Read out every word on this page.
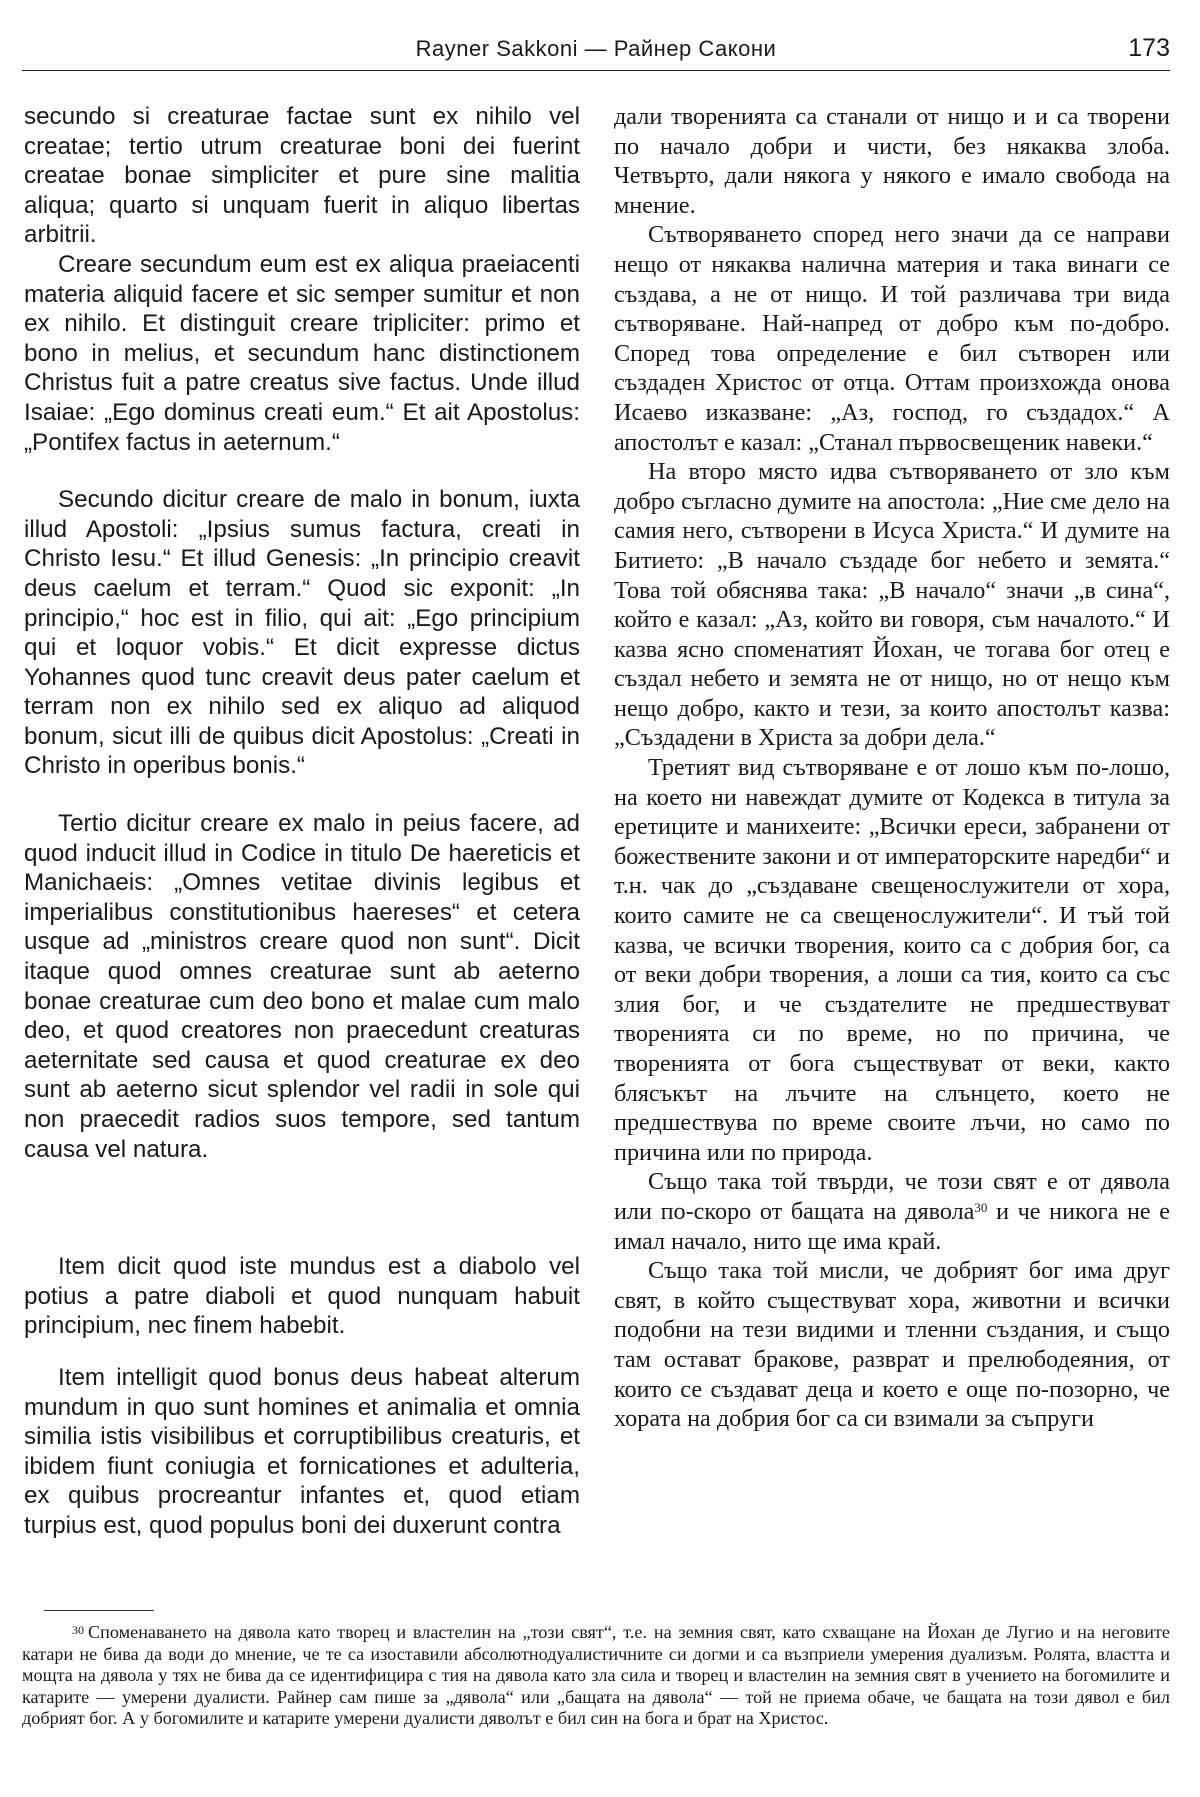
Rayner Sakkoni — Райнер Сакони	173

secundo si creaturae factae sunt ex nihilo vel creatae; tertio utrum creaturae boni dei fuerint creatae bonae simpliciter et pure sine malitia aliqua; quarto si unquam fuerit in aliquo libertas arbitrii.

Creare secundum eum est ex aliqua praeiacenti materia aliquid facere et sic semper sumitur et non ex nihilo. Et distinguit creare tripliciter: primo et bono in melius, et secundum hanc distinctionem Christus fuit a patre creatus sive factus. Unde illud Isaiae: „Ego dominus creati eum.“ Et ait Apostolus: „Pontifex factus in aeternum.“

Secundo dicitur creare de malo in bonum, iuxta illud Apostoli: „Ipsius sumus factura, creati in Christo Iesu.“ Et illud Genesis: „In principio creavit deus caelum et terram.“ Quod sic exponit: „In principio,“ hoc est in filio, qui ait: „Ego principium qui et loquor vobis.“ Et dicit expresse dictus Yohannes quod tunc creavit deus pater caelum et terram non ex nihilo sed ex aliquo ad aliquod bonum, sicut illi de quibus dicit Apostolus: „Creati in Christo in operibus bonis.“

Tertio dicitur creare ex malo in peius facere, ad quod inducit illud in Codice in titulo De haereticis et Manichaeis: „Omnes vetitae divinis legibus et imperialibus constitutionibus haereses“ et cetera usque ad „ministros creare quod non sunt“. Dicit itaque quod omnes creaturae sunt ab aeterno bonae creaturae cum deo bono et malae cum malo deo, et quod creatores non praecedunt creaturas aeternitate sed causa et quod creaturae ex deo sunt ab aeterno sicut splendor vel radii in sole qui non praecedit radios suos tempore, sed tantum causa vel natura.

Item dicit quod iste mundus est a diabolo vel potius a patre diaboli et quod nunquam habuit principium, nec finem habebit.

Item intelligit quod bonus deus habeat alterum mundum in quo sunt homines et animalia et omnia similia istis visibilibus et corruptibilibus creaturis, et ibidem fiunt coniugia et fornicationes et adulteria, ex quibus procreantur infantes et, quod etiam turpius est, quod populus boni dei duxerunt contra

дали творенията са станали от нищо и и са творени по начало добри и чисти, без някаква злоба. Четвърто, дали някога у някого е имало свобода на мнение.

Сътворяването според него значи да се направи нещо от някаква налична материя и така винаги се създава, а не от нищо. И той различава три вида сътворяване. Най-напред от добро към по-добро. Според това определение е бил сътворен или създаден Христос от отца. Оттам произхожда онова Исаево изказване: „Аз, господ, го създадох.“ А апостолът е казал: „Станал първосвещеник навеки.“

На второ място идва сътворяването от зло към добро съгласно думите на апостола: „Ние сме дело на самия него, сътворени в Исуса Христа.“ И думите на Битието: „В начало създаде бог небето и земята.“ Това той обяснява така: „В начало“ значи „в сина“, който е казал: „Аз, който ви говоря, съм началото.“ И казва ясно споменатият Йохан, че тогава бог отец е създал небето и земята не от нищо, но от нещо към нещо добро, както и тези, за които апостолът казва: „Създадени в Христа за добри дела.“

Третият вид сътворяване е от лошо към по-лошо, на което ни навеждат думите от Кодекса в титула за еретиците и манихеите: „Всички ереси, забранени от божествените закони и от императорските наредби“ и т.н. чак до „създаване свещенослужители от хора, които самите не са свещенослужители“. И тъй той казва, че всички творения, които са с добрия бог, са от веки добри творения, а лоши са тия, които са със злия бог, и че създателите не предшествуват творенията си по време, но по причина, че творенията от бога съществуват от веки, както блясъкът на лъчите на слънцето, което не предшествува по време своите лъчи, но само по причина или по природа.

Също така той твърди, че този свят е от дявола или по-скоро от бащата на дявола$^{30}$ и че никога не е имал начало, нито ще има край.

Също така той мисли, че добрият бог има друг свят, в който съществуват хора, животни и всички подобни на тези видими и тленни създания, и също там остават бракове, разврат и прелюбодеяния, от които се създават деца и което е още по-позорно, че хората на добрия бог са си взимали за съпруги

$^{30}$ Споменаването на дявола като творец и властелин на „този свят“, т.е. на земния свят, като схващане на Йохан де Лугио и на неговите катари не бива да води до мнение, че те са изоставили абсолютнодуалистичните си догми и са възприели умерения дуализъм. Ролята, властта и мощта на дявола у тях не бива да се идентифицира с тия на дявола като зла сила и творец и властелин на земния свят в учението на богомилите и катарите — умерени дуалисти. Райнер сам пише за „дявола“ или „бащата на дявола“ — той не приема обаче, че бащата на този дявол е бил добрият бог. А у богомилите и катарите умерени дуалисти дяволът е бил син на бога и брат на Христос.
